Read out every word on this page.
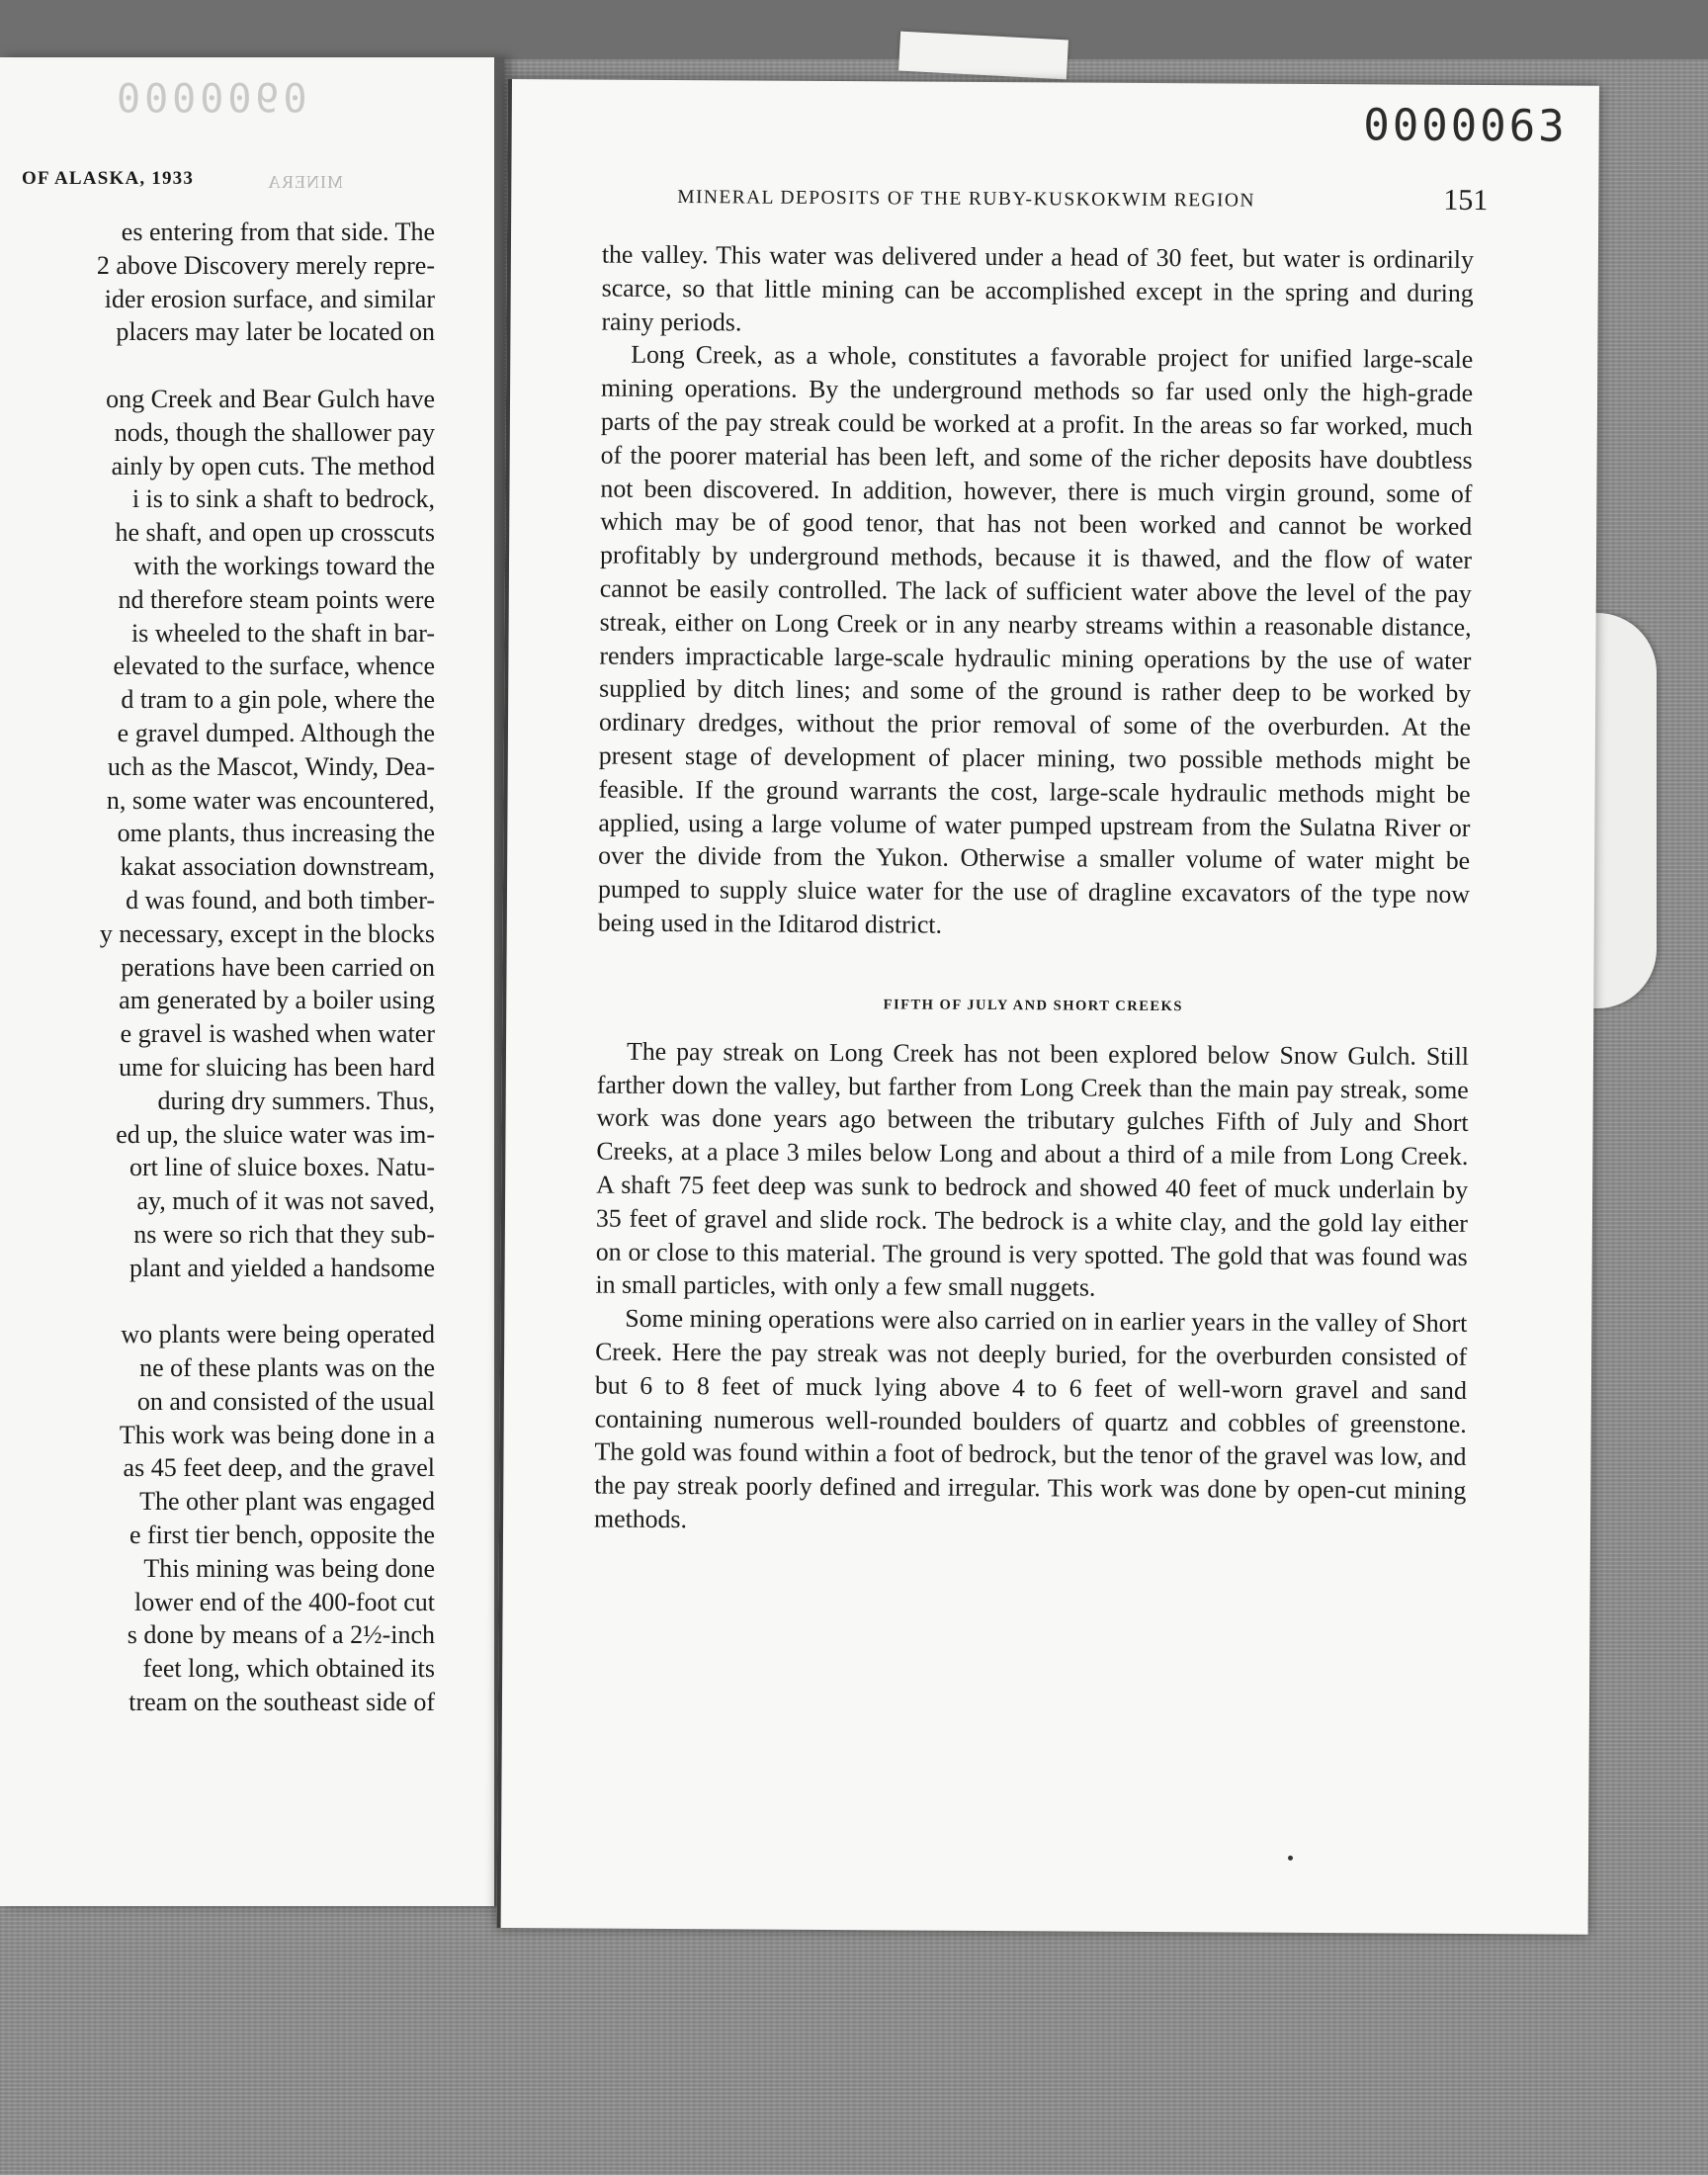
0000060
OF ALASKA, 1933	MINERA
es entering from that side. The
2 above Discovery merely repre-
ider erosion surface, and similar
placers may later be located on
ong Creek and Bear Gulch have
nods, though the shallower pay
ainly by open cuts. The method
i is to sink a shaft to bedrock,
he shaft, and open up crosscuts
with the workings toward the
nd therefore steam points were
is wheeled to the shaft in bar-
elevated to the surface, whence
d tram to a gin pole, where the
e gravel dumped. Although the
uch as the Mascot, Windy, Dea-
n, some water was encountered,
ome plants, thus increasing the
kakat association downstream,
d was found, and both timber-
y necessary, except in the blocks
perations have been carried on
am generated by a boiler using
e gravel is washed when water
ume for sluicing has been hard
during dry summers. Thus,
ed up, the sluice water was im-
ort line of sluice boxes. Natu-
ay, much of it was not saved,
ns were so rich that they sub-
plant and yielded a handsome
wo plants were being operated
ne of these plants was on the
on and consisted of the usual
This work was being done in a
as 45 feet deep, and the gravel
The other plant was engaged
e first tier bench, opposite the
This mining was being done
lower end of the 400-foot cut
s done by means of a 2½-inch
feet long, which obtained its
tream on the southeast side of
0000063
MINERAL DEPOSITS OF THE RUBY-KUSKOKWIM REGION	151

the valley. This water was delivered under a head of 30 feet, but water is ordinarily scarce, so that little mining can be accomplished except in the spring and during rainy periods.

Long Creek, as a whole, constitutes a favorable project for unified large-scale mining operations. By the underground methods so far used only the high-grade parts of the pay streak could be worked at a profit. In the areas so far worked, much of the poorer material has been left, and some of the richer deposits have doubtless not been discovered. In addition, however, there is much virgin ground, some of which may be of good tenor, that has not been worked and cannot be worked profitably by underground methods, because it is thawed, and the flow of water cannot be easily controlled. The lack of sufficient water above the level of the pay streak, either on Long Creek or in any nearby streams within a reasonable distance, renders impracticable large-scale hydraulic mining operations by the use of water supplied by ditch lines; and some of the ground is rather deep to be worked by ordinary dredges, without the prior removal of some of the overburden. At the present stage of development of placer mining, two possible methods might be feasible. If the ground warrants the cost, large-scale hydraulic methods might be applied, using a large volume of water pumped upstream from the Sulatna River or over the divide from the Yukon. Otherwise a smaller volume of water might be pumped to supply sluice water for the use of dragline excavators of the type now being used in the Iditarod district.

FIFTH OF JULY AND SHORT CREEKS

The pay streak on Long Creek has not been explored below Snow Gulch. Still farther down the valley, but farther from Long Creek than the main pay streak, some work was done years ago between the tributary gulches Fifth of July and Short Creeks, at a place 3 miles below Long and about a third of a mile from Long Creek. A shaft 75 feet deep was sunk to bedrock and showed 40 feet of muck underlain by 35 feet of gravel and slide rock. The bedrock is a white clay, and the gold lay either on or close to this material. The ground is very spotted. The gold that was found was in small particles, with only a few small nuggets.

Some mining operations were also carried on in earlier years in the valley of Short Creek. Here the pay streak was not deeply buried, for the overburden consisted of but 6 to 8 feet of muck lying above 4 to 6 feet of well-worn gravel and sand containing numerous well-rounded boulders of quartz and cobbles of greenstone. The gold was found within a foot of bedrock, but the tenor of the gravel was low, and the pay streak poorly defined and irregular. This work was done by open-cut mining methods.
